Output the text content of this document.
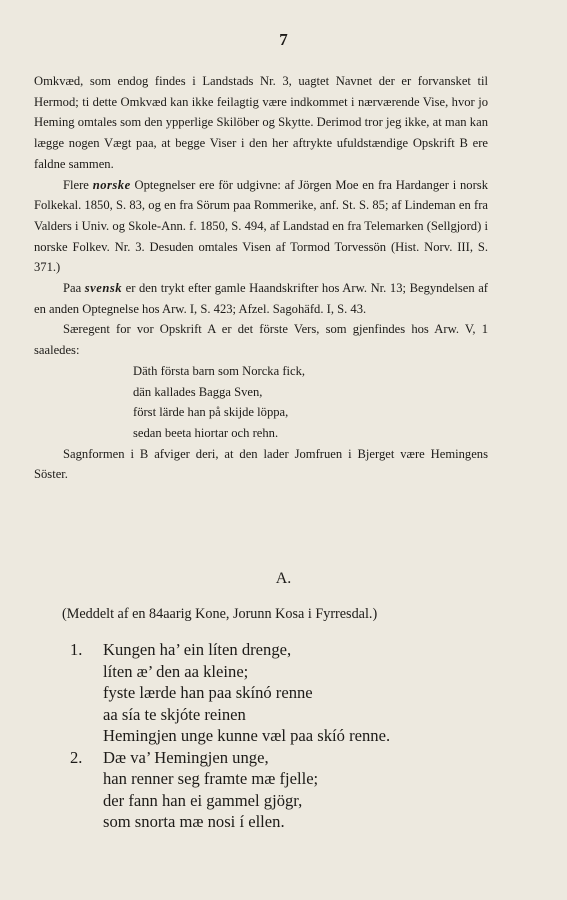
7

Omkvæd, som endog findes i Landstads Nr. 3, uagtet Navnet der er forvansket til Hermod; ti dette Omkvæd kan ikke feilagtig være indkommet i nærværende Vise, hvor jo Heming omtales som den ypperlige Skilöber og Skytte. Derimod tror jeg ikke, at man kan lægge nogen Vægt paa, at begge Viser i den her aftrykte ufuldstændige Opskrift B ere faldne sammen.

Flere norske Optegnelser ere för udgivne: af Jörgen Moe en fra Hardanger i norsk Folkekal. 1850, S. 83, og en fra Sörum paa Rommerike, anf. St. S. 85; af Lindeman en fra Valders i Univ. og Skole-Ann. f. 1850, S. 494, af Landstad en fra Telemarken (Sellgjord) i norske Folkev. Nr. 3. Desuden omtales Visen af Tormod Torvessön (Hist. Norv. III, S. 371.)

Paa svensk er den trykt efter gamle Haandskrifter hos Arw. Nr. 13; Begyndelsen af en anden Optegnelse hos Arw. I, S. 423; Afzel. Sagohäfd. I, S. 43.

Særegent for vor Opskrift A er det förste Vers, som gjenfindes hos Arw. V, 1 saaledes:

Däth första barn som Norcka fick,
dän kallades Bagga Sven,
först lärde han på skijde löppa,
sedan beeta hiortar och rehn.

Sagnformen i B afviger deri, at den lader Jomfruen i Bjerget være Hemingens Söster.

A.
(Meddelt af en 84aarig Kone, Jorunn Kosa i Fyrresdal.)
1. Kungen ha’ ein líten drenge,
líten æ’ den aa kleine;
fyste lærde han paa skínó renne
aa sía te skjóte reinen
Hemingjen unge kunne væl paa skíó renne.
2. Dæ va’ Hemingjen unge,
han renner seg framte mæ fjelle;
der fann han ei gammel gjögr,
som snorta mæ nosi í ellen.
